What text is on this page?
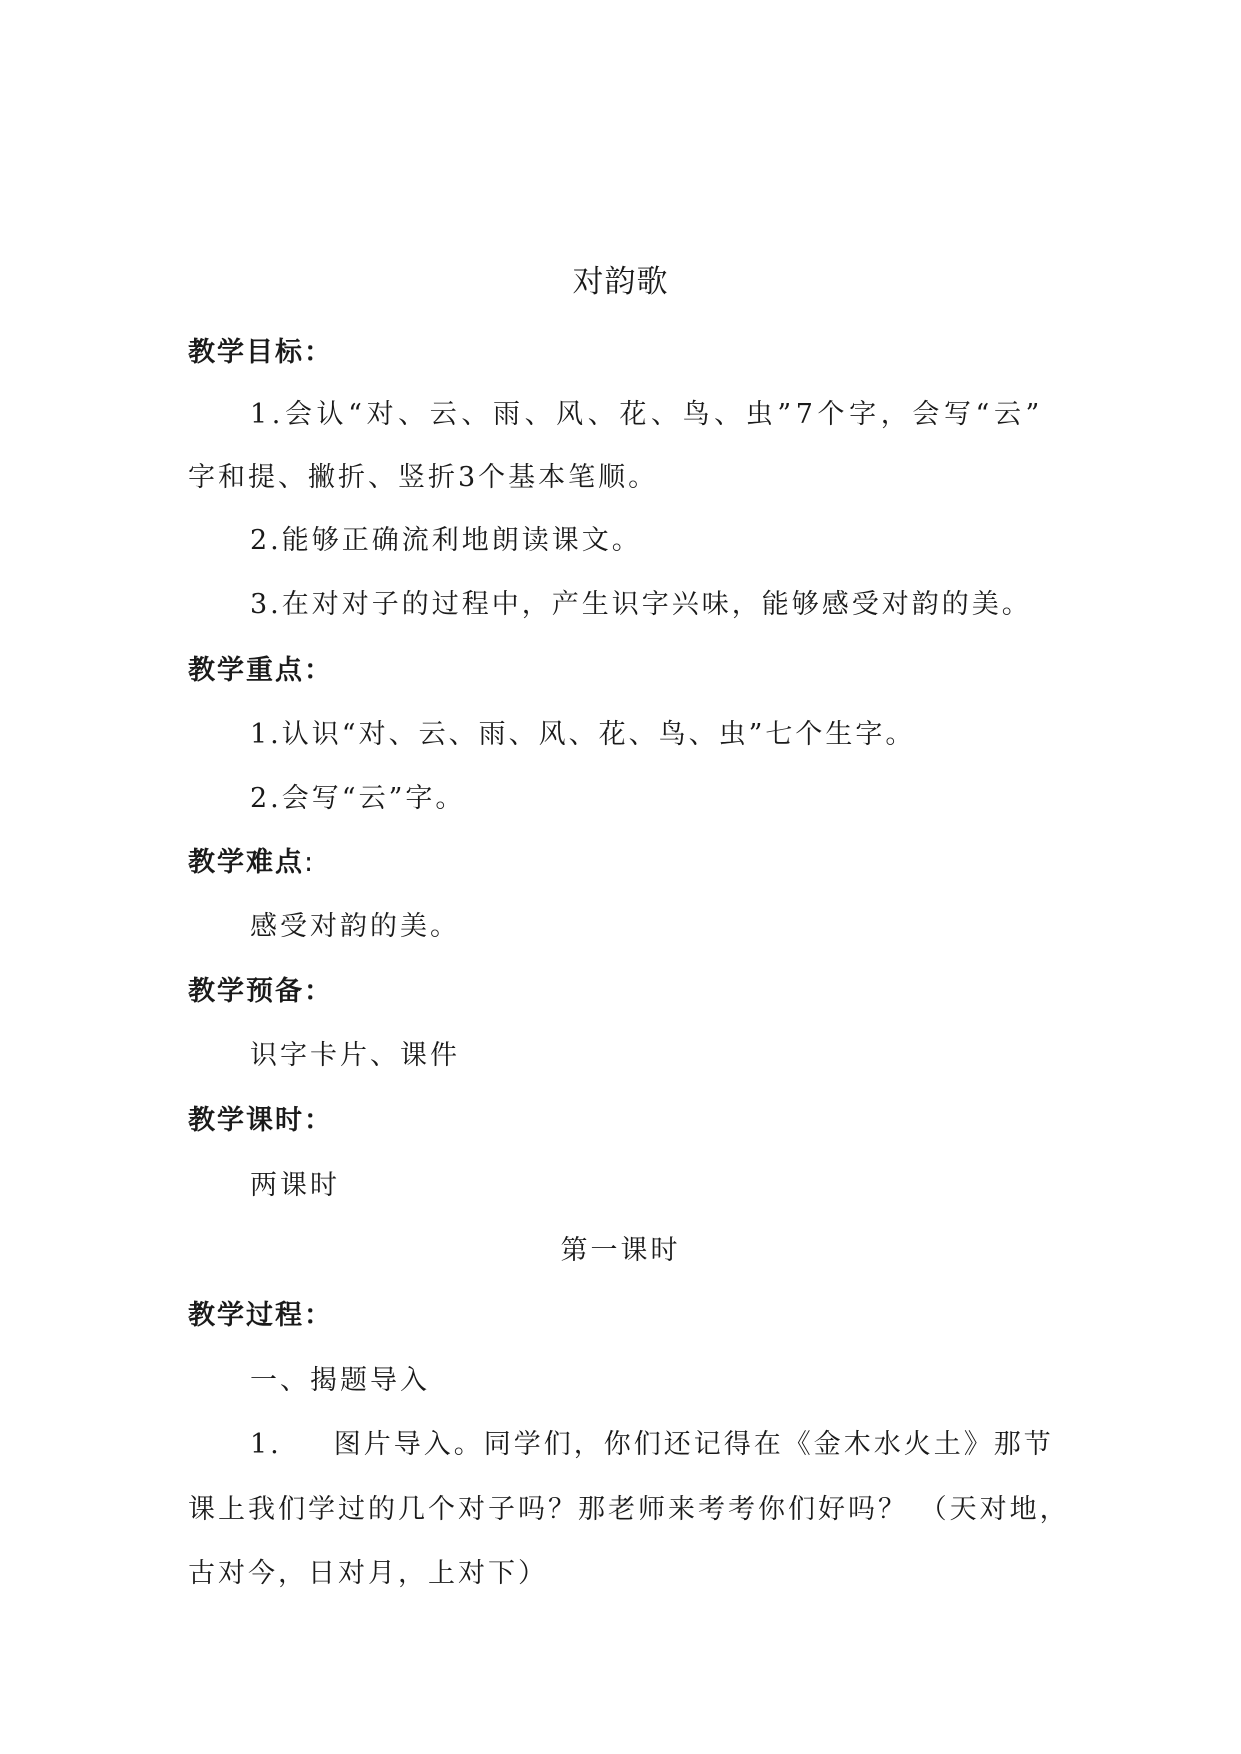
对韵歌
教学目标：
1.会认“对、云、雨、风、花、鸟、虫”7个字，会写“云”
字和提、撇折、竖折3个基本笔顺。
2.能够正确流利地朗读课文。
3.在对对子的过程中，产生识字兴味，能够感受对韵的美。
教学重点：
1.认识“对、云、雨、风、花、鸟、虫”七个生字。
2.会写“云”字。
教学难点:
感受对韵的美。
教学预备：
识字卡片、课件
教学课时：
两课时
第一课时
教学过程：
一、揭题导入
1. 图片导入。同学们，你们还记得在《金木水火土》那节
课上我们学过的几个对子吗？那老师来考考你们好吗？ （天对地，
古对今，日对月，上对下）
